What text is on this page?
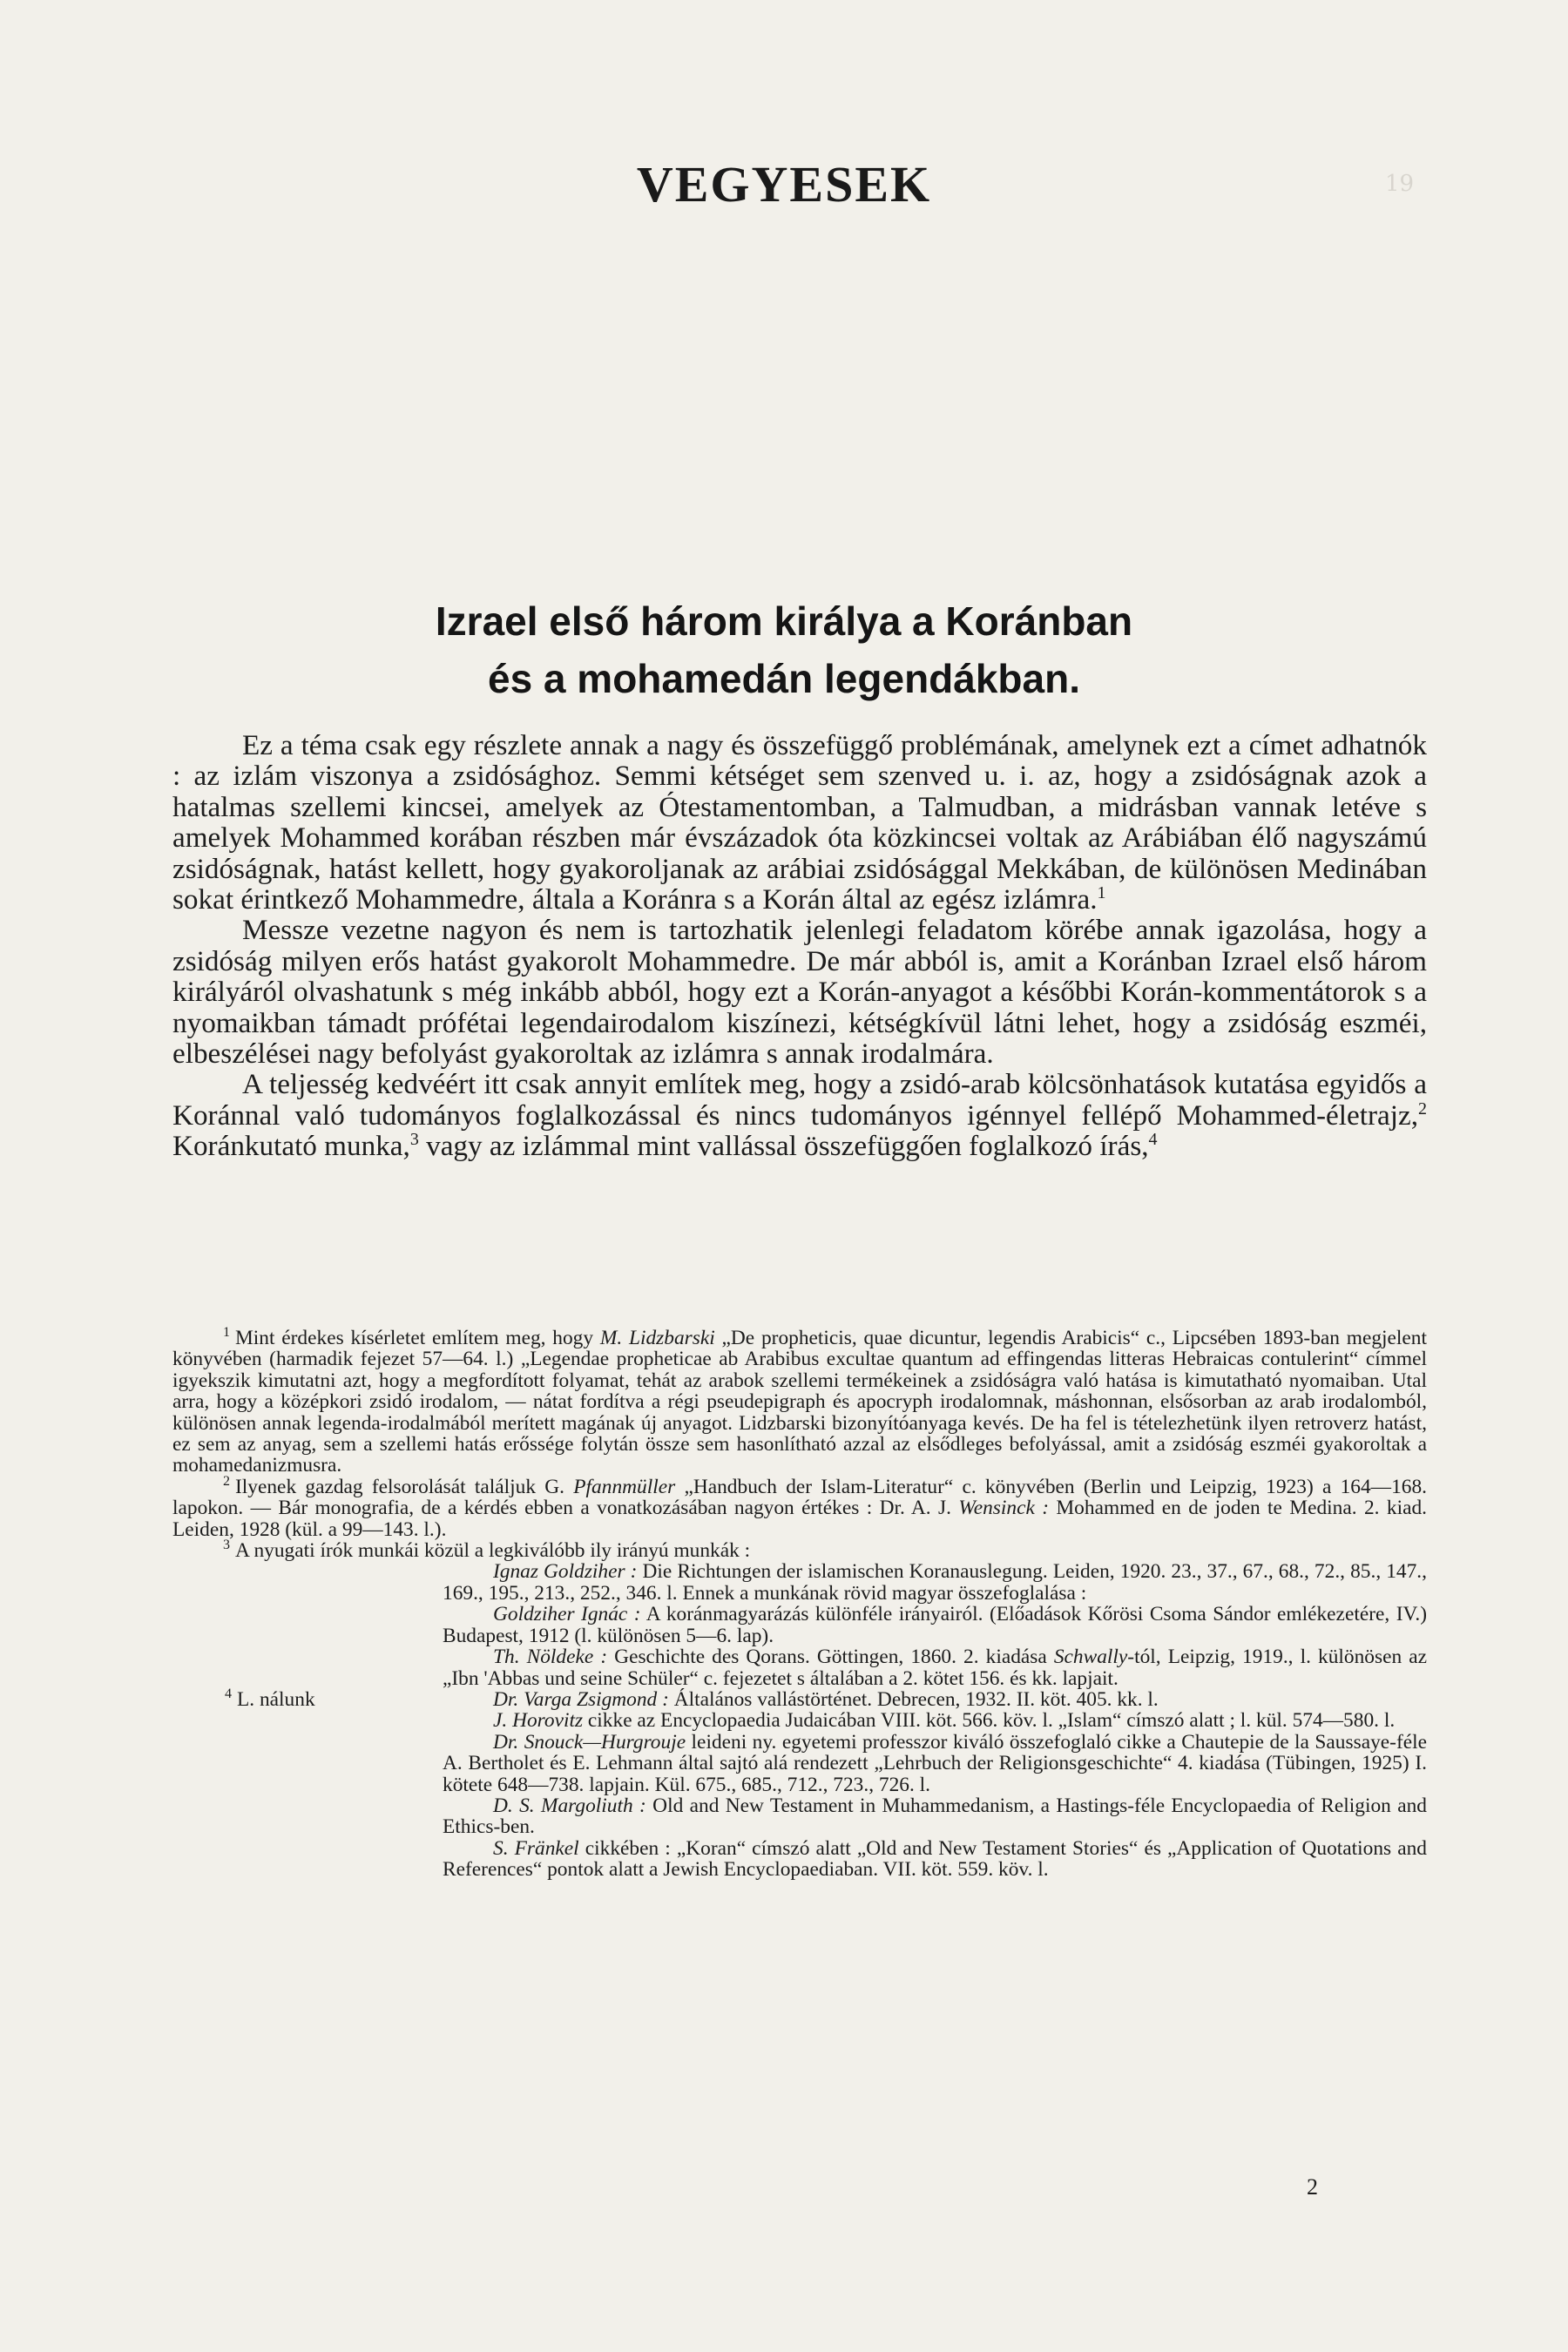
VEGYESEK	19
Izrael első három királya a Koránban
és a mohamedán legendákban.

Ez a téma csak egy részlete annak a nagy és összefüggő problémának, amelynek ezt a címet adhatnók : az izlám viszonya a zsidósághoz. Semmi kétséget sem szenved u. i. az, hogy a zsidóságnak azok a hatalmas szellemi kincsei, amelyek az Ótestamentomban, a Talmudban, a midrásban vannak letéve s amelyek Mohammed korában részben már évszázadok óta közkincsei voltak az Arábiában élő nagyszámú zsidóságnak, hatást kellett, hogy gyakoroljanak az arábiai zsidósággal Mekkában, de különösen Medinában sokat érintkező Mohammedre, általa a Koránra s a Korán által az egész izlámra.$^1$

Messze vezetne nagyon és nem is tartozhatik jelenlegi feladatom körébe annak igazolása, hogy a zsidóság milyen erős hatást gyakorolt Mohammedre. De már abból is, amit a Koránban Izrael első három királyáról olvashatunk s még inkább abból, hogy ezt a Korán-anyagot a későbbi Korán-kommentátorok s a nyomaikban támadt prófétai legendairodalom kiszínezi, kétségkívül látni lehet, hogy a zsidóság eszméi, elbeszélései nagy befolyást gyakoroltak az izlámra s annak irodalmára.

A teljesség kedvéért itt csak annyit említek meg, hogy a zsidó-arab kölcsönhatások kutatása egyidős a Koránnal való tudományos foglalkozással és nincs tudományos igénnyel fellépő Mohammed-életrajz,$^2$ Koránkutató munka,$^3$ vagy az izlámmal mint vallással összefüggően foglalkozó írás,$^4$

$^1$ Mint érdekes kísérletet említem meg, hogy M. Lidzbarski „De propheticis, quae dicuntur, legendis Arabicis“ c., Lipcsében 1893-ban megjelent könyvében (harmadik fejezet 57—64. l.) „Legendae propheticae ab Arabibus excultae quantum ad effingendas litteras Hebraicas contulerint“ címmel igyekszik kimutatni azt, hogy a megfordított folyamat, tehát az arabok szellemi termékeinek a zsidóságra való hatása is kimutatható nyomaiban. Utal arra, hogy a középkori zsidó irodalom, — nátat fordítva a régi pseudepigraph és apocryph irodalomnak, máshonnan, elsősorban az arab irodalomból, különösen annak legenda-irodalmából merített magának új anyagot. Lidzbarski bizonyítóanyaga kevés. De ha fel is tételezhetünk ilyen retroverz hatást, ez sem az anyag, sem a szellemi hatás erőssége folytán össze sem hasonlítható azzal az elsődleges befolyással, amit a zsidóság eszméi gyakoroltak a mohamedanizmusra.

$^2$ Ilyenek gazdag felsorolását találjuk G. Pfannmüller „Handbuch der Islam-Literatur“ c. könyvében (Berlin und Leipzig, 1923) a 164—168. lapokon. — Bár monografia, de a kérdés ebben a vonatkozásában nagyon értékes : Dr. A. J. Wensinck : Mohammed en de joden te Medina. 2. kiad. Leiden, 1928 (kül. a 99—143. l.).

$^3$ A nyugati írók munkái közül a legkiválóbb ily irányú munkák :

Ignaz Goldziher : Die Richtungen der islamischen Koranauslegung. Leiden, 1920. 23., 37., 67., 68., 72., 85., 147., 169., 195., 213., 252., 346. l. Ennek a munkának rövid magyar összefoglalása :

Goldziher Ignác : A koránmagyarázás különféle irányairól. (Előadások Kőrösi Csoma Sándor emlékezetére, IV.) Budapest, 1912 (l. különösen 5—6. lap).

Th. Nöldeke : Geschichte des Qorans. Göttingen, 1860. 2. kiadása Schwally-tól, Leipzig, 1919., l. különösen az „Ibn 'Abbas und seine Schüler“ c. fejezetet s általában a 2. kötet 156. és kk. lapjait.

$^4$ L. nálunk	Dr. Varga Zsigmond : Általános vallástörténet. Debrecen, 1932. II. köt. 405. kk. l.

J. Horovitz cikke az Encyclopaedia Judaicában VIII. köt. 566. köv. l. „Islam“ címszó alatt ; l. kül. 574—580. l.

Dr. Snouck—Hurgrouje leideni ny. egyetemi professzor kiváló összefoglaló cikke a Chautepie de la Saussaye-féle A. Bertholet és E. Lehmann által sajtó alá rendezett „Lehrbuch der Religionsgeschichte“ 4. kiadása (Tübingen, 1925) I. kötete 648—738. lapjain. Kül. 675., 685., 712., 723., 726. l.

D. S. Margoliuth : Old and New Testament in Muhammedanism, a Hastings-féle Encyclopaedia of Religion and Ethics-ben.

S. Fränkel cikkében : „Koran“ címszó alatt „Old and New Testament Stories“ és „Application of Quotations and References“ pontok alatt a Jewish Encyclopaediaban. VII. köt. 559. köv. l.

2
